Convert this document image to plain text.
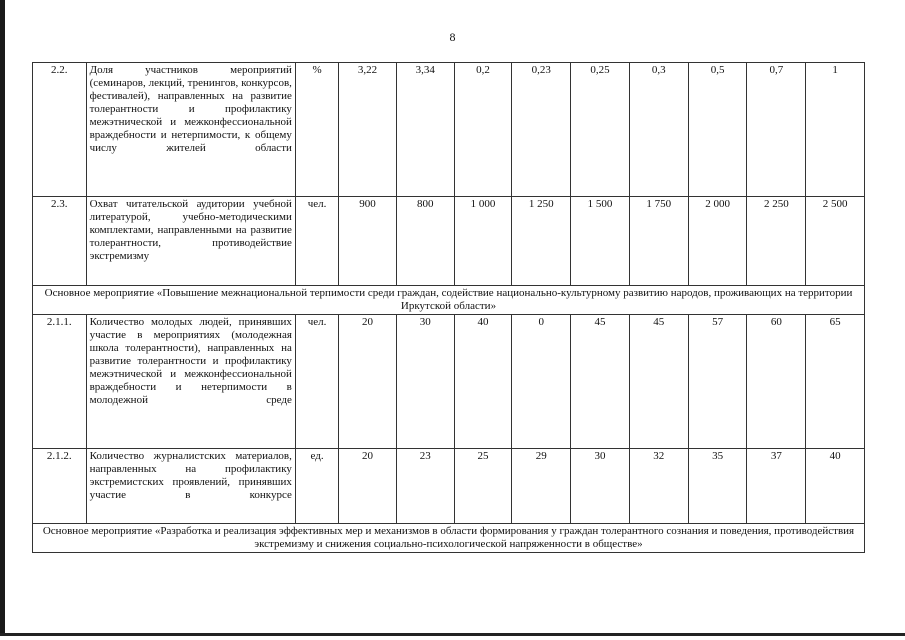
8
2.2.	Доля участников мероприятий (семинаров, лекций, тренингов, конкурсов, фестивалей), направленных на развитие толерантности и профилактику межэтнической и межконфессиональной враждебности и нетерпимости, к общему числу жителей области	%	3,22	3,34	0,2	0,23	0,25	0,3	0,5	0,7	1
2.3.	Охват читательской аудитории учебной литературой, учебно-методическими комплектами, направленными на развитие толерантности, противодействие экстремизму	чел.	900	800	1 000	1 250	1 500	1 750	2 000	2 250	2 500
Основное мероприятие «Повышение межнациональной терпимости среди граждан, содействие национально-культурному развитию народов, проживающих на территории Иркутской области»											
2.1.1.	Количество молодых людей, принявших участие в мероприятиях (молодежная школа толерантности), направленных на развитие толерантности и профилактику межэтнической и межконфессиональной враждебности и нетерпимости в молодежной среде	чел.	20	30	40	0	45	45	57	60	65
2.1.2.	Количество журналистских материалов, направленных на профилактику экстремистских проявлений, принявших участие в конкурсе	ед.	20	23	25	29	30	32	35	37	40
Основное мероприятие «Разработка и реализация эффективных мер и механизмов в области формирования у граждан толерантного сознания и поведения, противодействия экстремизму и снижения социально-психологической напряженности в обществе»											
